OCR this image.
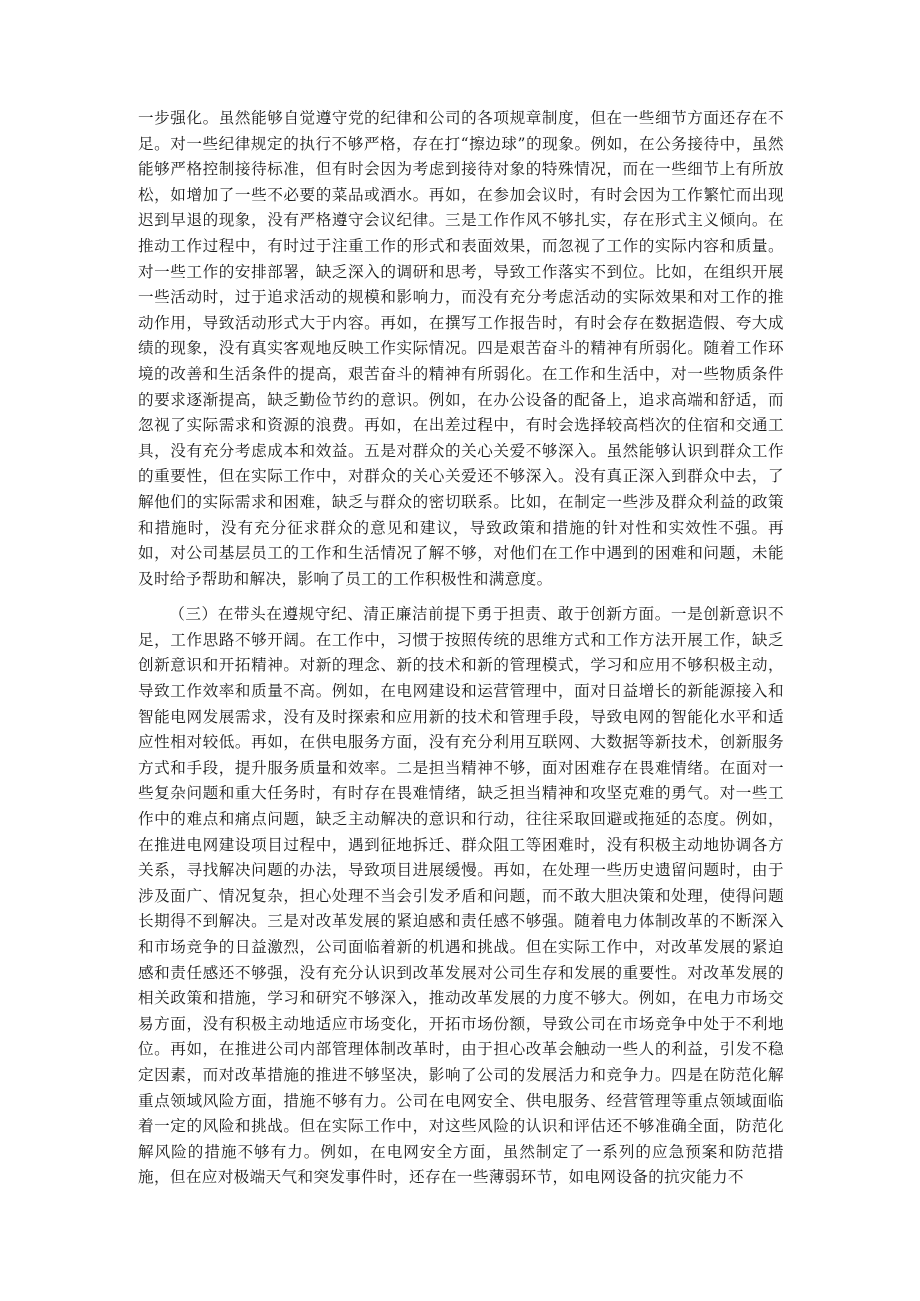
一步强化。虽然能够自觉遵守党的纪律和公司的各项规章制度，但在一些细节方面还存在不足。对一些纪律规定的执行不够严格，存在打“擦边球”的现象。例如，在公务接待中，虽然能够严格控制接待标准，但有时会因为考虑到接待对象的特殊情况，而在一些细节上有所放松，如增加了一些不必要的菜品或酒水。再如，在参加会议时，有时会因为工作繁忙而出现迟到早退的现象，没有严格遵守会议纪律。三是工作作风不够扎实，存在形式主义倾向。在推动工作过程中，有时过于注重工作的形式和表面效果，而忽视了工作的实际内容和质量。对一些工作的安排部署，缺乏深入的调研和思考，导致工作落实不到位。比如，在组织开展一些活动时，过于追求活动的规模和影响力，而没有充分考虑活动的实际效果和对工作的推动作用，导致活动形式大于内容。再如，在撰写工作报告时，有时会存在数据造假、夸大成绩的现象，没有真实客观地反映工作实际情况。四是艰苦奋斗的精神有所弱化。随着工作环境的改善和生活条件的提高，艰苦奋斗的精神有所弱化。在工作和生活中，对一些物质条件的要求逐渐提高，缺乏勤俭节约的意识。例如，在办公设备的配备上，追求高端和舒适，而忽视了实际需求和资源的浪费。再如，在出差过程中，有时会选择较高档次的住宿和交通工具，没有充分考虑成本和效益。五是对群众的关心关爱不够深入。虽然能够认识到群众工作的重要性，但在实际工作中，对群众的关心关爱还不够深入。没有真正深入到群众中去，了解他们的实际需求和困难，缺乏与群众的密切联系。比如，在制定一些涉及群众利益的政策和措施时，没有充分征求群众的意见和建议，导致政策和措施的针对性和实效性不强。再如，对公司基层员工的工作和生活情况了解不够，对他们在工作中遇到的困难和问题，未能及时给予帮助和解决，影响了员工的工作积极性和满意度。

（三）在带头在遵规守纪、清正廉洁前提下勇于担责、敢于创新方面。一是创新意识不足，工作思路不够开阔。在工作中，习惯于按照传统的思维方式和工作方法开展工作，缺乏创新意识和开拓精神。对新的理念、新的技术和新的管理模式，学习和应用不够积极主动，导致工作效率和质量不高。例如，在电网建设和运营管理中，面对日益增长的新能源接入和智能电网发展需求，没有及时探索和应用新的技术和管理手段，导致电网的智能化水平和适应性相对较低。再如，在供电服务方面，没有充分利用互联网、大数据等新技术，创新服务方式和手段，提升服务质量和效率。二是担当精神不够，面对困难存在畏难情绪。在面对一些复杂问题和重大任务时，有时存在畏难情绪，缺乏担当精神和攻坚克难的勇气。对一些工作中的难点和痛点问题，缺乏主动解决的意识和行动，往往采取回避或拖延的态度。例如，在推进电网建设项目过程中，遇到征地拆迁、群众阻工等困难时，没有积极主动地协调各方关系，寻找解决问题的办法，导致项目进展缓慢。再如，在处理一些历史遗留问题时，由于涉及面广、情况复杂，担心处理不当会引发矛盾和问题，而不敢大胆决策和处理，使得问题长期得不到解决。三是对改革发展的紧迫感和责任感不够强。随着电力体制改革的不断深入和市场竞争的日益激烈，公司面临着新的机遇和挑战。但在实际工作中，对改革发展的紧迫感和责任感还不够强，没有充分认识到改革发展对公司生存和发展的重要性。对改革发展的相关政策和措施，学习和研究不够深入，推动改革发展的力度不够大。例如，在电力市场交易方面，没有积极主动地适应市场变化，开拓市场份额，导致公司在市场竞争中处于不利地位。再如，在推进公司内部管理体制改革时，由于担心改革会触动一些人的利益，引发不稳定因素，而对改革措施的推进不够坚决，影响了公司的发展活力和竞争力。四是在防范化解重点领域风险方面，措施不够有力。公司在电网安全、供电服务、经营管理等重点领域面临着一定的风险和挑战。但在实际工作中，对这些风险的认识和评估还不够准确全面，防范化解风险的措施不够有力。例如，在电网安全方面，虽然制定了一系列的应急预案和防范措施，但在应对极端天气和突发事件时，还存在一些薄弱环节，如电网设备的抗灾能力不
